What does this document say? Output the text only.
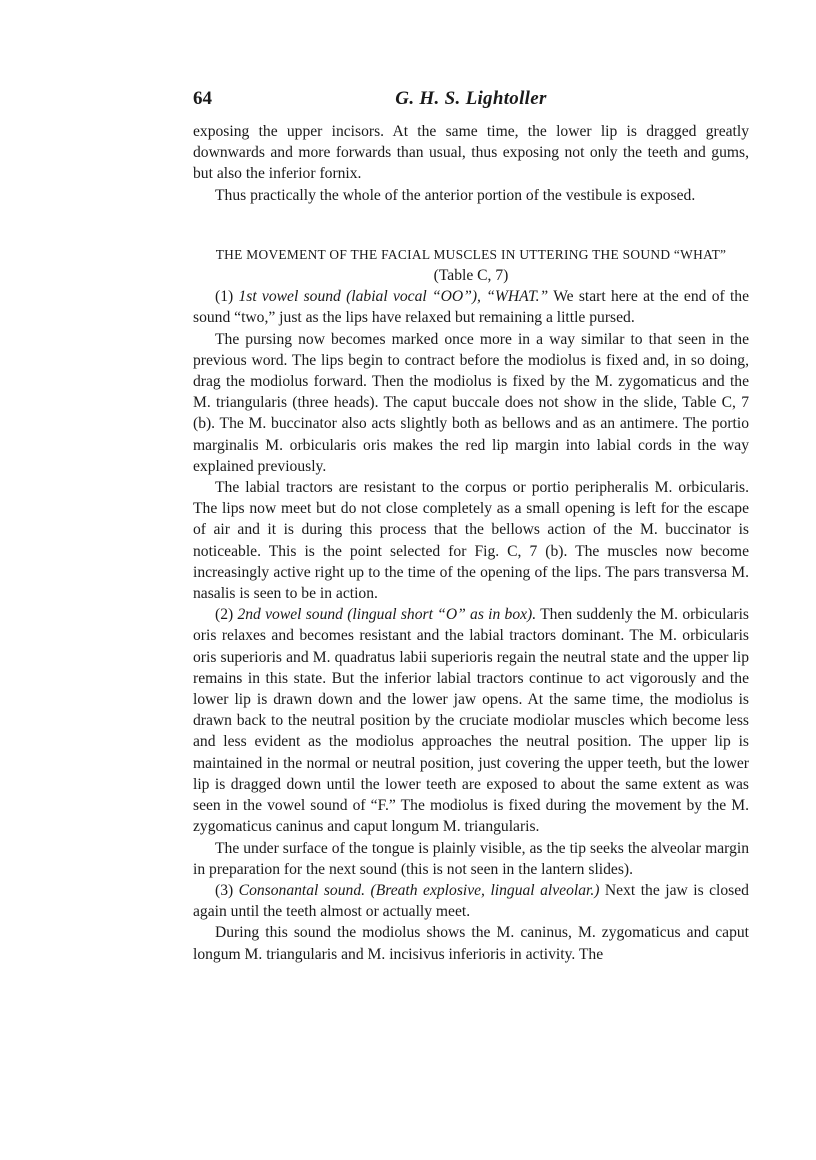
64	G. H. S. Lightoller

exposing the upper incisors. At the same time, the lower lip is dragged greatly downwards and more forwards than usual, thus exposing not only the teeth and gums, but also the inferior fornix.

Thus practically the whole of the anterior portion of the vestibule is exposed.

THE MOVEMENT OF THE FACIAL MUSCLES IN UTTERING THE SOUND “WHAT”

(Table C, 7)

(1) 1st vowel sound (labial vocal “OO”), “WHAT.” We start here at the end of the sound “two,” just as the lips have relaxed but remaining a little pursed.

The pursing now becomes marked once more in a way similar to that seen in the previous word. The lips begin to contract before the modiolus is fixed and, in so doing, drag the modiolus forward. Then the modiolus is fixed by the M. zygomaticus and the M. triangularis (three heads). The caput buccale does not show in the slide, Table C, 7 (b). The M. buccinator also acts slightly both as bellows and as an antimere. The portio marginalis M. orbicularis oris makes the red lip margin into labial cords in the way explained previously.

The labial tractors are resistant to the corpus or portio peripheralis M. orbicularis. The lips now meet but do not close completely as a small opening is left for the escape of air and it is during this process that the bellows action of the M. buccinator is noticeable. This is the point selected for Fig. C, 7 (b). The muscles now become increasingly active right up to the time of the opening of the lips. The pars transversa M. nasalis is seen to be in action.

(2) 2nd vowel sound (lingual short “O” as in box). Then suddenly the M. orbicularis oris relaxes and becomes resistant and the labial tractors dominant. The M. orbicularis oris superioris and M. quadratus labii superioris regain the neutral state and the upper lip remains in this state. But the inferior labial tractors continue to act vigorously and the lower lip is drawn down and the lower jaw opens. At the same time, the modiolus is drawn back to the neutral position by the cruciate modiolar muscles which become less and less evident as the modiolus approaches the neutral position. The upper lip is maintained in the normal or neutral position, just covering the upper teeth, but the lower lip is dragged down until the lower teeth are exposed to about the same extent as was seen in the vowel sound of “F.” The modiolus is fixed during the movement by the M. zygomaticus caninus and caput longum M. triangularis.

The under surface of the tongue is plainly visible, as the tip seeks the alveolar margin in preparation for the next sound (this is not seen in the lantern slides).

(3) Consonantal sound. (Breath explosive, lingual alveolar.) Next the jaw is closed again until the teeth almost or actually meet.

During this sound the modiolus shows the M. caninus, M. zygomaticus and caput longum M. triangularis and M. incisivus inferioris in activity. The
